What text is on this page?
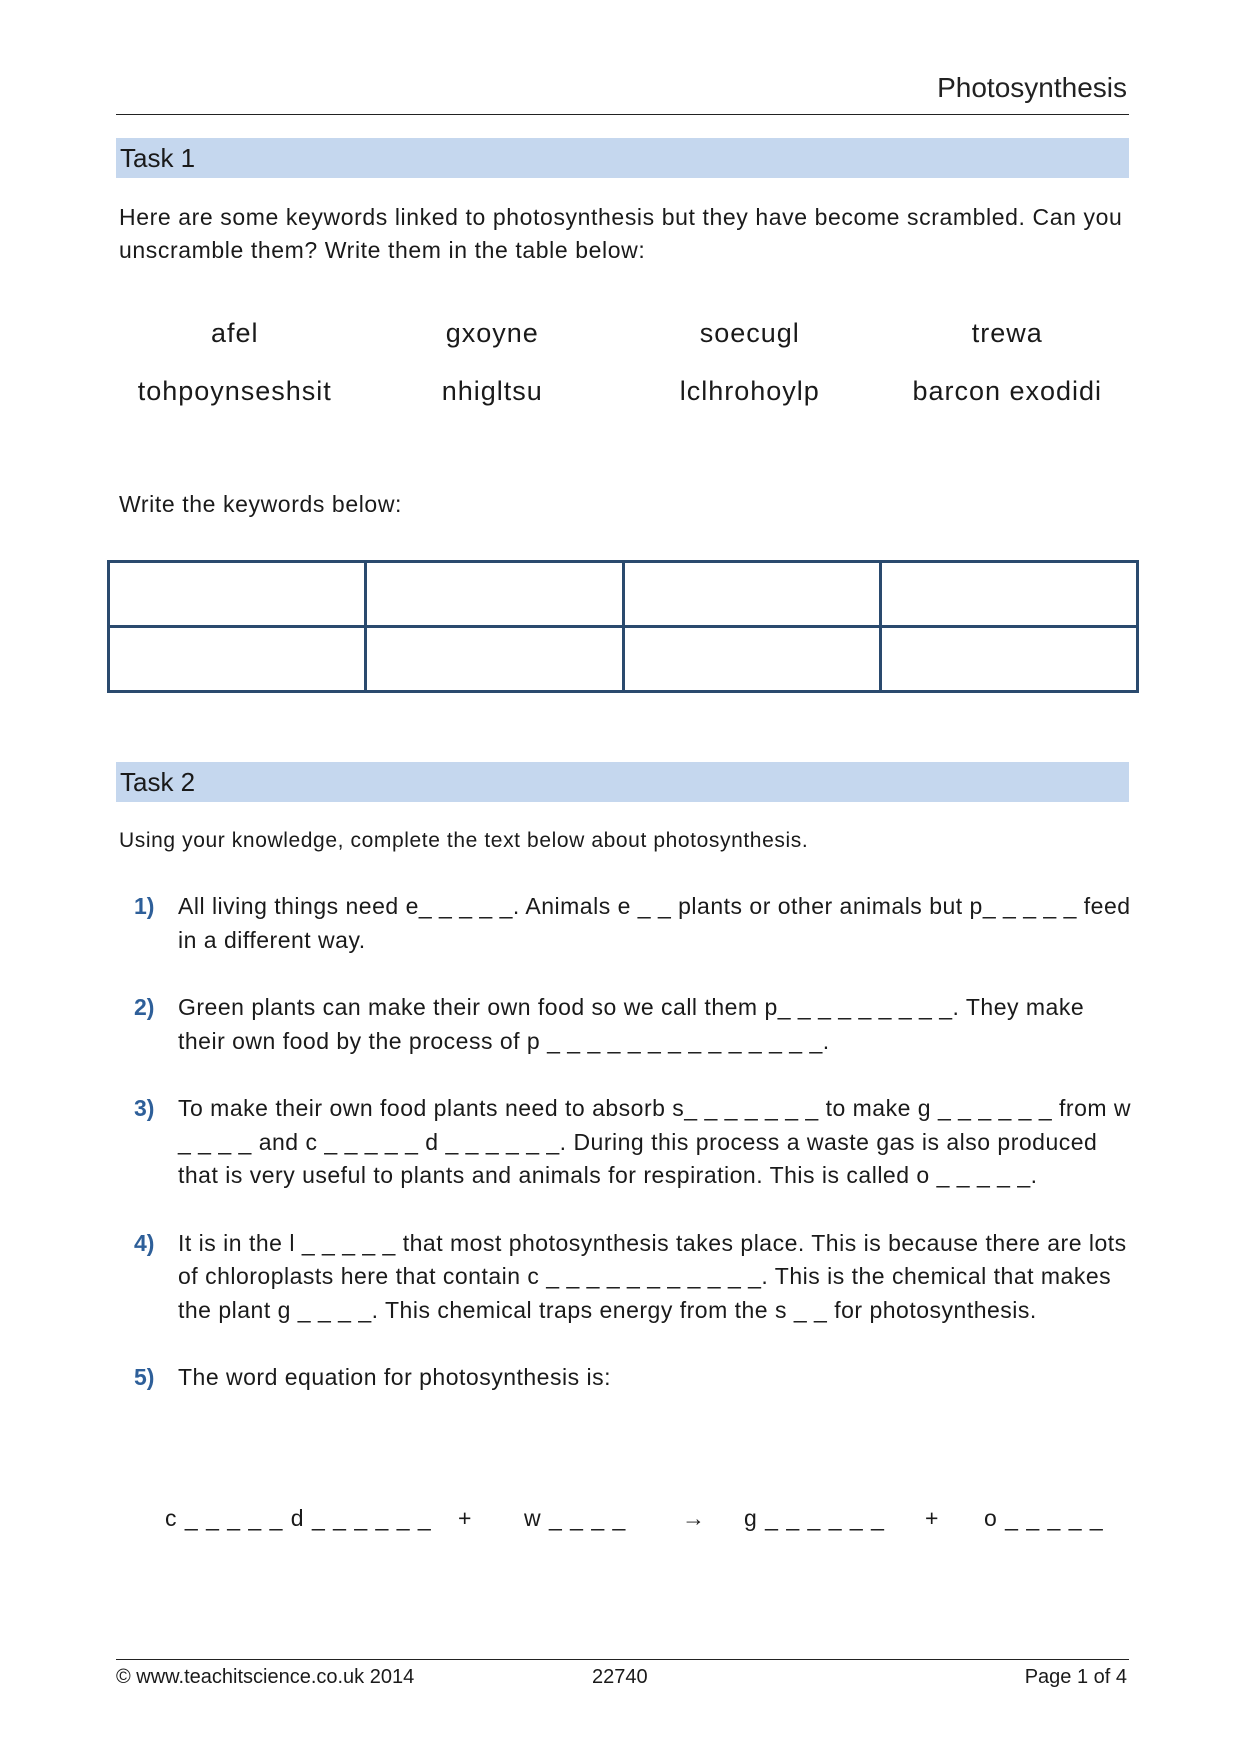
Photosynthesis
Task 1
Here are some keywords linked to photosynthesis but they have become scrambled. Can you unscramble them? Write them in the table below:
afel	gxoyne	soecugl	trewa
tohpoynseshsit	nhigltsu	lclhrohoylp	barcon exodidi
Write the keywords below:

Task 2
Using your knowledge, complete the text below about photosynthesis.
1) All living things need e_ _ _ _ _. Animals e _ _ plants or other animals but p_ _ _ _ _ feed in a different way.
2) Green plants can make their own food so we call them p_ _ _ _ _ _ _ _ _. They make their own food by the process of p _ _ _ _ _ _ _ _ _ _ _ _ _ _.
3) To make their own food plants need to absorb s_ _ _ _ _ _ _ to make g _ _ _ _ _ _ from w _ _ _ _ and c _ _ _ _ _ d _ _ _ _ _ _. During this process a waste gas is also produced that is very useful to plants and animals for respiration. This is called o _ _ _ _ _.
4) It is in the l _ _ _ _ _ that most photosynthesis takes place. This is because there are lots of chloroplasts here that contain c _ _ _ _ _ _ _ _ _ _ _. This is the chemical that makes the plant g _ _ _ _. This chemical traps energy from the s _ _ for photosynthesis.
5) The word equation for photosynthesis is:
c _ _ _ _ _ d _ _ _ _ _ _ + w _ _ _ _ → g _ _ _ _ _ _ + o _ _ _ _ _
© www.teachitscience.co.uk 2014	22740	Page 1 of 4
